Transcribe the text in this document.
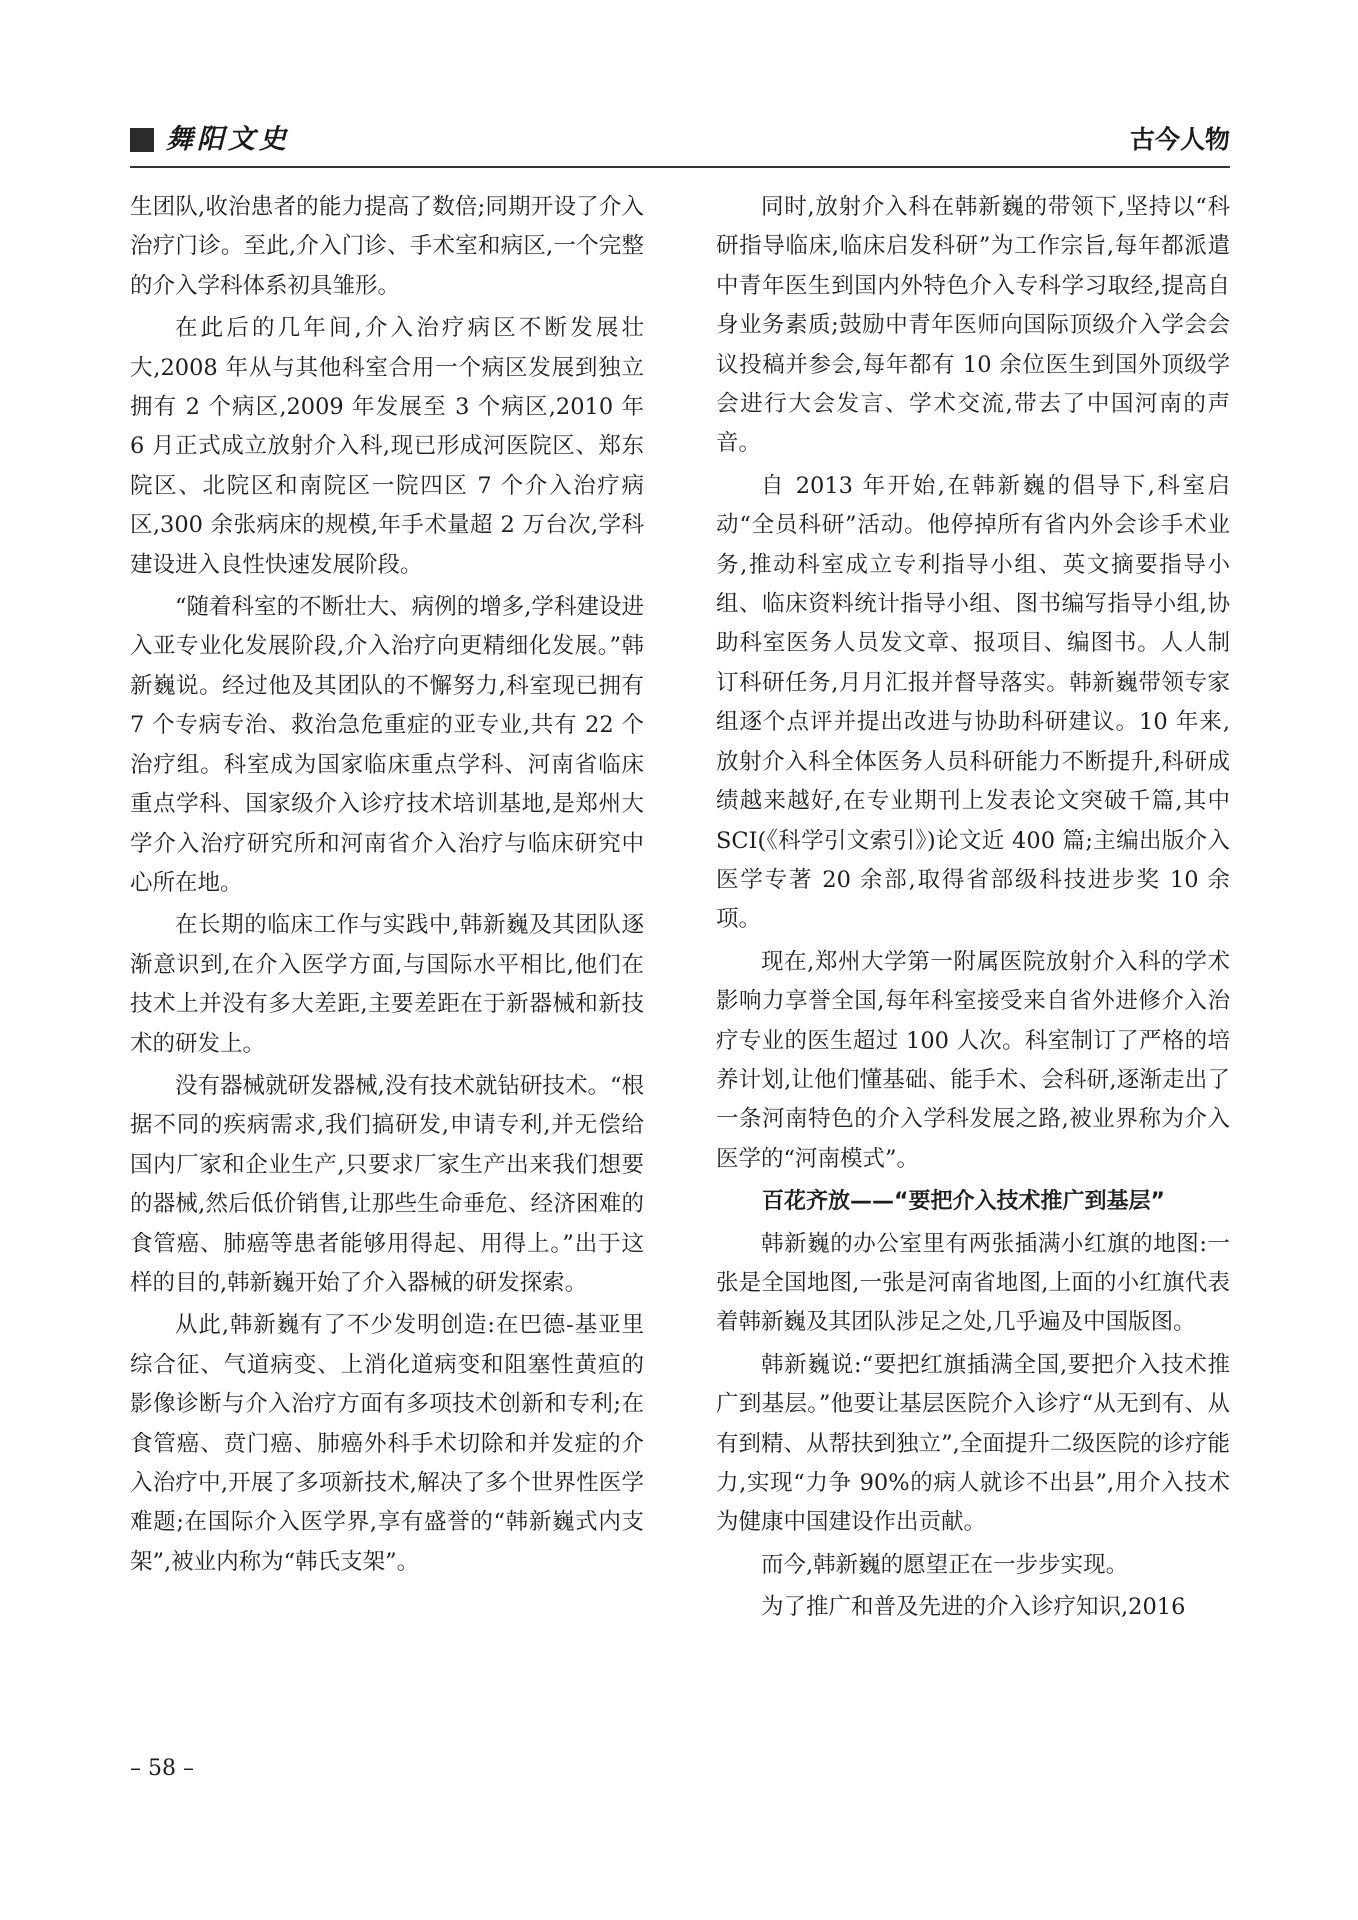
舞阳文史	古今人物

生团队,收治患者的能力提高了数倍;同期开设了介入治疗门诊。至此,介入门诊、手术室和病区,一个完整的介入学科体系初具雏形。

在此后的几年间,介入治疗病区不断发展壮大,2008 年从与其他科室合用一个病区发展到独立拥有 2 个病区,2009 年发展至 3 个病区,2010 年 6 月正式成立放射介入科,现已形成河医院区、郑东院区、北院区和南院区一院四区 7 个介入治疗病区,300 余张病床的规模,年手术量超 2 万台次,学科建设进入良性快速发展阶段。

“随着科室的不断壮大、病例的增多,学科建设进入亚专业化发展阶段,介入治疗向更精细化发展。”韩新巍说。经过他及其团队的不懈努力,科室现已拥有 7 个专病专治、救治急危重症的亚专业,共有 22 个治疗组。科室成为国家临床重点学科、河南省临床重点学科、国家级介入诊疗技术培训基地,是郑州大学介入治疗研究所和河南省介入治疗与临床研究中心所在地。

在长期的临床工作与实践中,韩新巍及其团队逐渐意识到,在介入医学方面,与国际水平相比,他们在技术上并没有多大差距,主要差距在于新器械和新技术的研发上。

没有器械就研发器械,没有技术就钻研技术。“根据不同的疾病需求,我们搞研发,申请专利,并无偿给国内厂家和企业生产,只要求厂家生产出来我们想要的器械,然后低价销售,让那些生命垂危、经济困难的食管癌、肺癌等患者能够用得起、用得上。”出于这样的目的,韩新巍开始了介入器械的研发探索。

从此,韩新巍有了不少发明创造:在巴德-基亚里综合征、气道病变、上消化道病变和阻塞性黄疸的影像诊断与介入治疗方面有多项技术创新和专利;在食管癌、贲门癌、肺癌外科手术切除和并发症的介入治疗中,开展了多项新技术,解决了多个世界性医学难题;在国际介入医学界,享有盛誉的“韩新巍式内支架”,被业内称为“韩氏支架”。

同时,放射介入科在韩新巍的带领下,坚持以“科研指导临床,临床启发科研”为工作宗旨,每年都派遣中青年医生到国内外特色介入专科学习取经,提高自身业务素质;鼓励中青年医师向国际顶级介入学会会议投稿并参会,每年都有 10 余位医生到国外顶级学会进行大会发言、学术交流,带去了中国河南的声音。

自 2013 年开始,在韩新巍的倡导下,科室启动“全员科研”活动。他停掉所有省内外会诊手术业务,推动科室成立专利指导小组、英文摘要指导小组、临床资料统计指导小组、图书编写指导小组,协助科室医务人员发文章、报项目、编图书。人人制订科研任务,月月汇报并督导落实。韩新巍带领专家组逐个点评并提出改进与协助科研建议。10 年来,放射介入科全体医务人员科研能力不断提升,科研成绩越来越好,在专业期刊上发表论文突破千篇,其中 SCI(《科学引文索引》)论文近 400 篇;主编出版介入医学专著 20 余部,取得省部级科技进步奖 10 余项。

现在,郑州大学第一附属医院放射介入科的学术影响力享誉全国,每年科室接受来自省外进修介入治疗专业的医生超过 100 人次。科室制订了严格的培养计划,让他们懂基础、能手术、会科研,逐渐走出了一条河南特色的介入学科发展之路,被业界称为介入医学的“河南模式”。

百花齐放——“要把介入技术推广到基层”

韩新巍的办公室里有两张插满小红旗的地图:一张是全国地图,一张是河南省地图,上面的小红旗代表着韩新巍及其团队涉足之处,几乎遍及中国版图。

韩新巍说:“要把红旗插满全国,要把介入技术推广到基层。”他要让基层医院介入诊疗“从无到有、从有到精、从帮扶到独立”,全面提升二级医院的诊疗能力,实现“力争 90%的病人就诊不出县”,用介入技术为健康中国建设作出贡献。

而今,韩新巍的愿望正在一步步实现。

为了推广和普及先进的介入诊疗知识,2016

– 58 –
